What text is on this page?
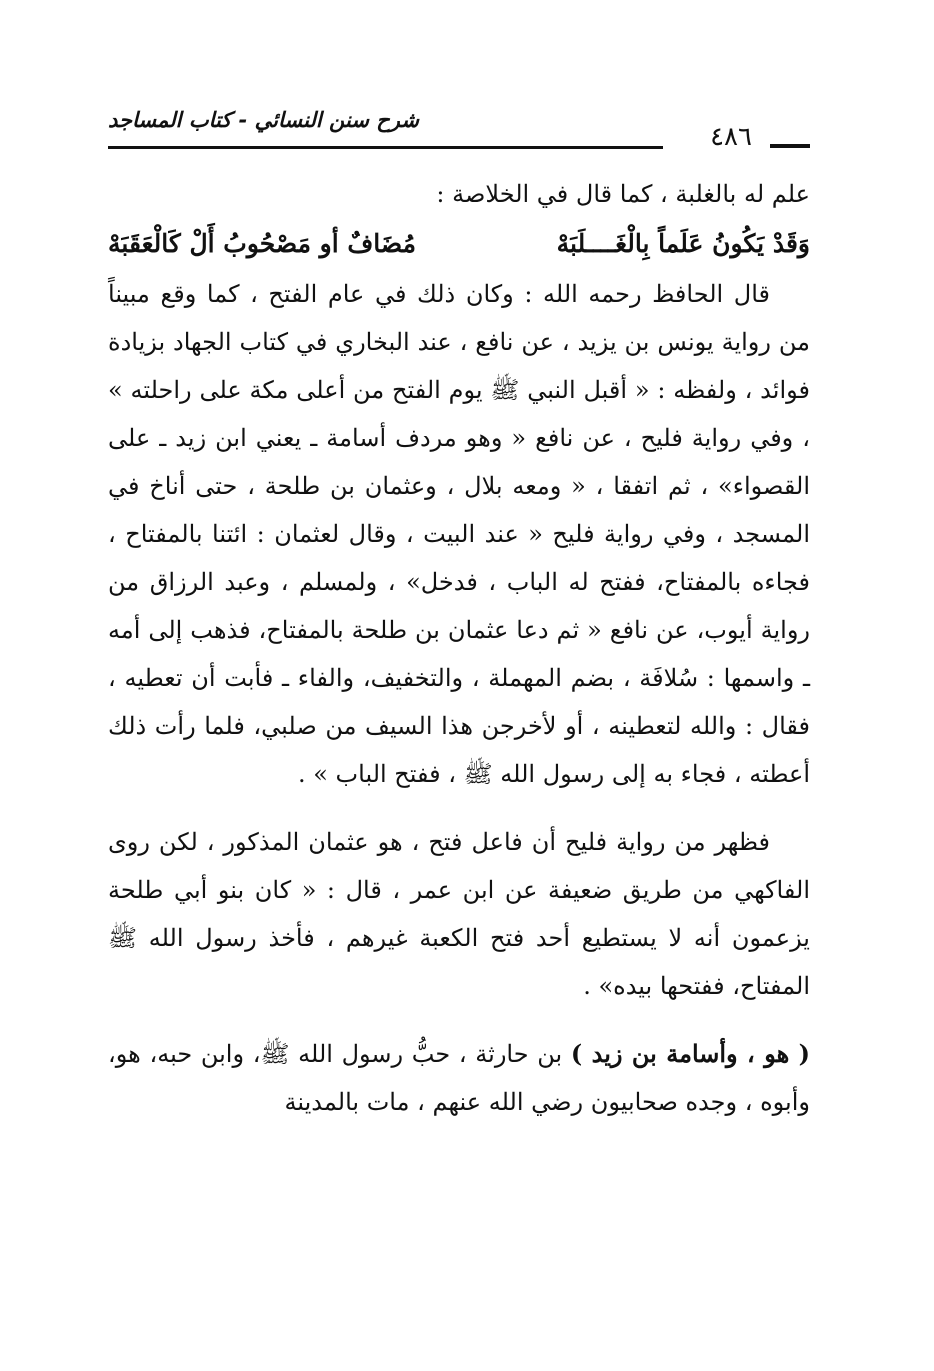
شرح سنن النسائي - كتاب المساجد
٤٨٦

علم له بالغلبة ، كما قال في الخلاصة :

وَقَدْ يَكُونُ عَلَماً بِالْغَــــلَبَهْ
مُضَافٌ أو مَصْحُوبُ أَلْ كَالْعَقَبَهْ

قال الحافظ رحمه الله : وكان ذلك في عام الفتح ، كما وقع مبيناً من رواية يونس بن يزيد ، عن نافع ، عند البخاري في كتاب الجهاد بزيادة فوائد ، ولفظه : « أقبل النبي ﷺ يوم الفتح من أعلى مكة على راحلته » ، وفي رواية فليح ، عن نافع « وهو مردف أسامة ـ يعني ابن زيد ـ على القصواء» ، ثم اتفقا ، « ومعه بلال ، وعثمان بن طلحة ، حتى أناخ في المسجد ، وفي رواية فليح « عند البيت ، وقال لعثمان : ائتنا بالمفتاح ، فجاءه بالمفتاح، ففتح له الباب ، فدخل» ، ولمسلم ، وعبد الرزاق من رواية أيوب، عن نافع « ثم دعا عثمان بن طلحة بالمفتاح، فذهب إلى أمه ـ واسمها : سُلافَة ، بضم المهملة ، والتخفيف، والفاء ـ فأبت أن تعطيه ، فقال : والله لتعطينه ، أو لأخرجن هذا السيف من صلبي، فلما رأت ذلك أعطته ، فجاء به إلى رسول الله ﷺ ، ففتح الباب » .

فظهر من رواية فليح أن فاعل فتح ، هو عثمان المذكور ، لكن روى الفاكهي من طريق ضعيفة عن ابن عمر ، قال : « كان بنو أبي طلحة يزعمون أنه لا يستطيع أحد فتح الكعبة غيرهم ، فأخذ رسول الله ﷺ المفتاح، ففتحها بيده» .

( هو ، وأسامة بن زيد ) بن حارثة ، حبُّ رسول الله ﷺ، وابن حبه، هو، وأبوه ، وجده صحابيون رضي الله عنهم ، مات بالمدينة
